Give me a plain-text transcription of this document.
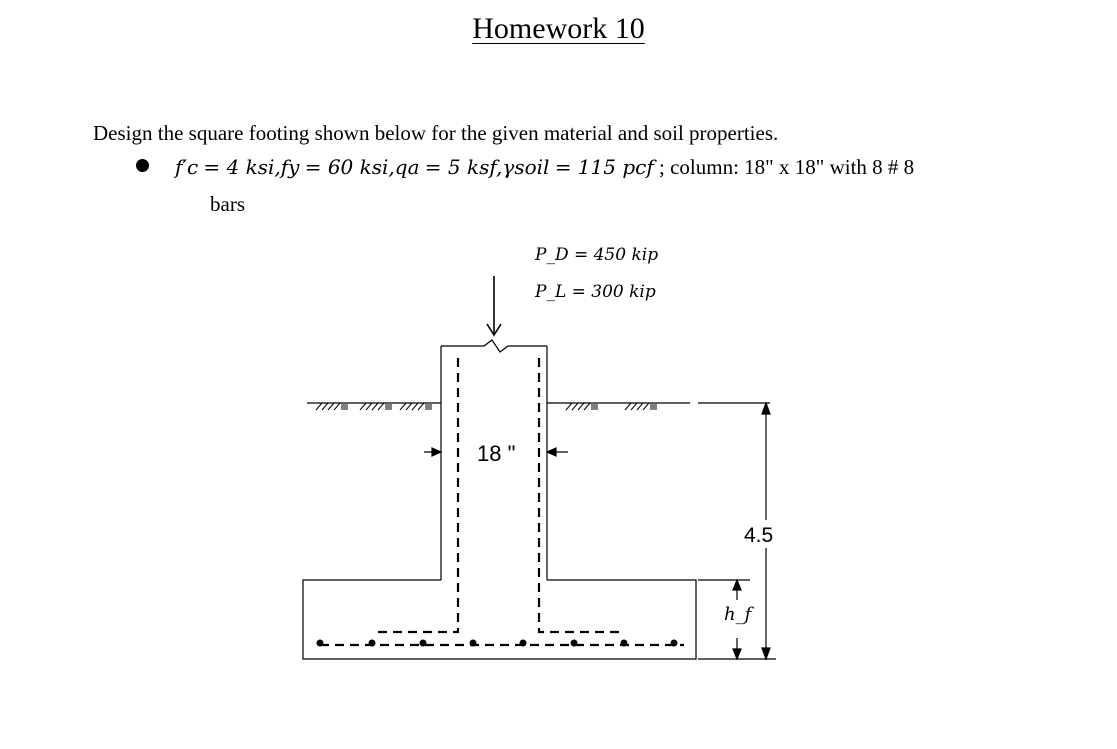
Homework 10
Design the square footing shown below for the given material and soil properties.
f′c
= 4 ksi, fy
= 60 ksi, qa
= 5 ksf, γsoil
= 115 pcf
; column: 18" x 18" with 8 # 8
bars
P_D = 450 kip
P_L = 300 kip
18 "
h_f
4.5
